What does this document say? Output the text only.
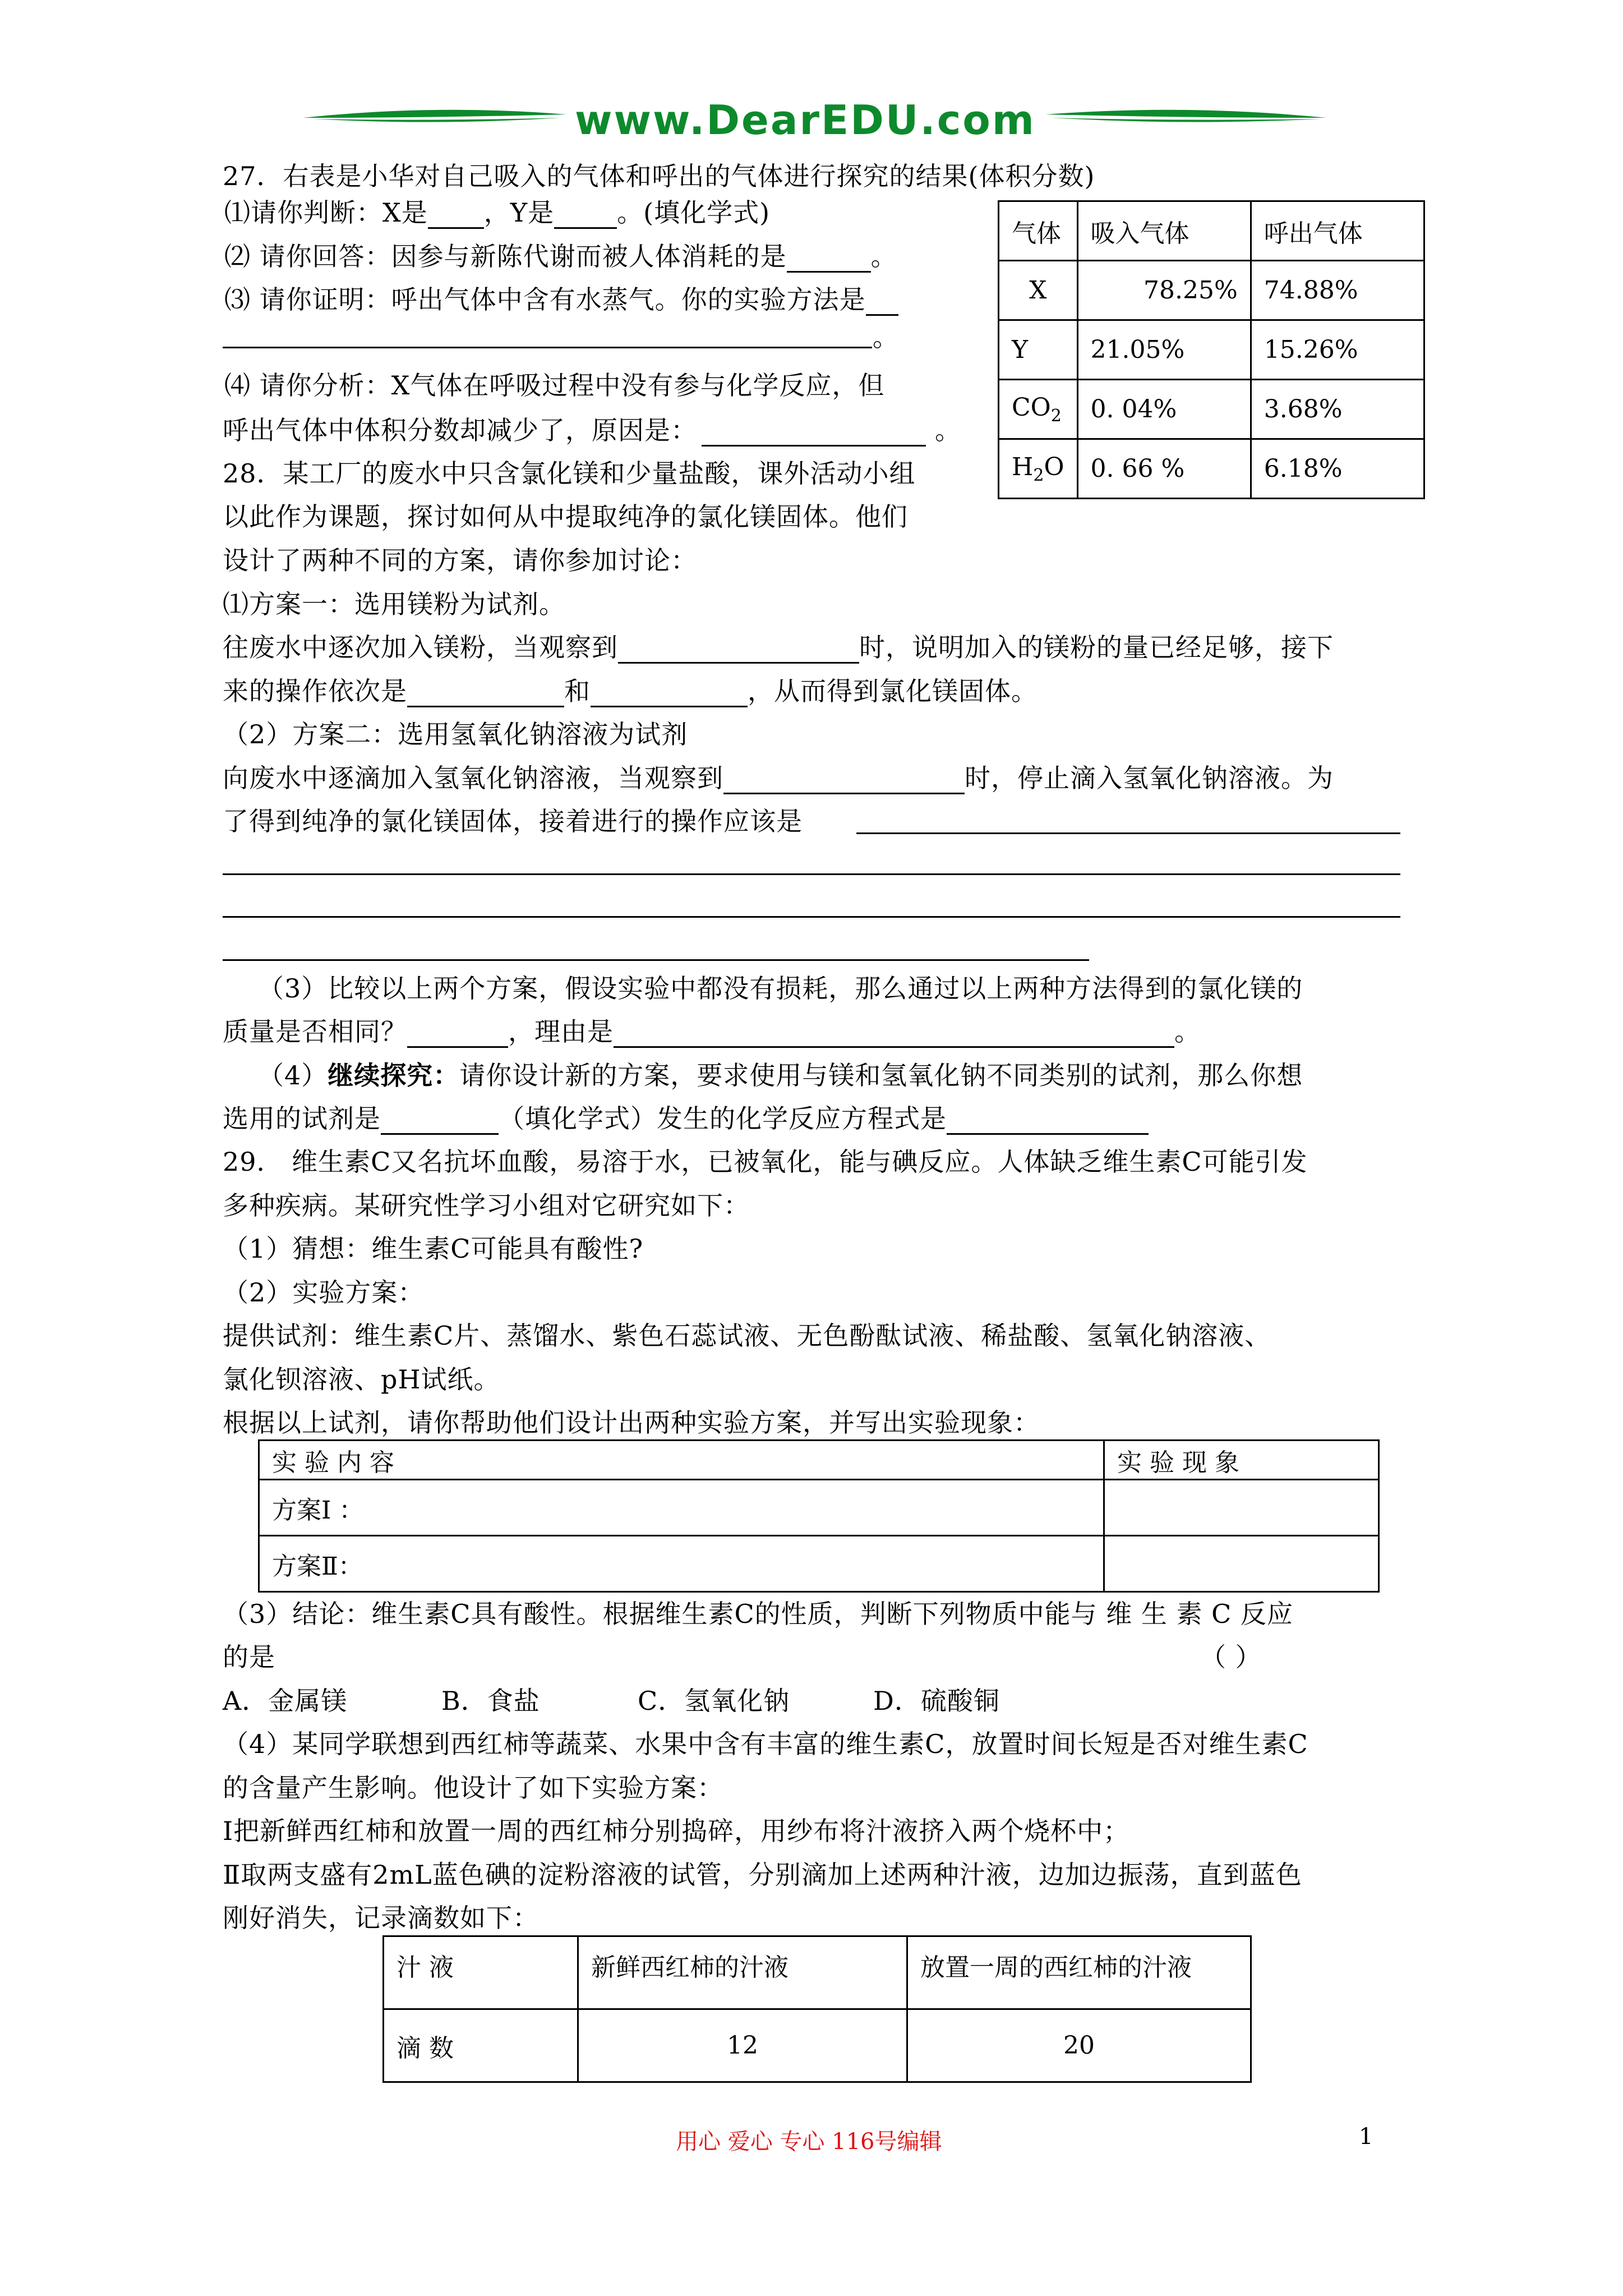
www.DearEDU.com
27．右表是小华对自己吸入的气体和呼出的气体进行探究的结果(体积分数)
⑴请你判断：X是 ，Y是 。(填化学式)
⑵ 请你回答：因参与新陈代谢而被人体消耗的是	。
⑶ 请你证明：呼出气体中含有水蒸气。你的实验方法是
。
⑷ 请你分析：X气体在呼吸过程中没有参与化学反应，但
呼出气体中体积分数却减少了，原因是：	。
气体	吸入气体	呼出气体
X	78.25%	74.88%
Y	21.05%	15.26%
$CO_2$	0. 04%	3.68%
$H_2O$	0. 66 %	6.18%
28．某工厂的废水中只含氯化镁和少量盐酸，课外活动小组
以此作为课题，探讨如何从中提取纯净的氯化镁固体。他们
设计了两种不同的方案，请你参加讨论：
⑴方案一：选用镁粉为试剂。
往废水中逐次加入镁粉，当观察到	时，说明加入的镁粉的量已经足够，接下
来的操作依次是	和	，从而得到氯化镁固体。
（2）方案二：选用氢氧化钠溶液为试剂
向废水中逐滴加入氢氧化钠溶液，当观察到	时，停止滴入氢氧化钠溶液。为
了得到纯净的氯化镁固体，接着进行的操作应该是
（3）比较以上两个方案，假设实验中都没有损耗，那么通过以上两种方法得到的氯化镁的
质量是否相同？	，理由是	。
（4）继续探究：请你设计新的方案，要求使用与镁和氢氧化钠不同类别的试剂，那么你想
选用的试剂是	（填化学式）发生的化学反应方程式是
29． 维生素C又名抗坏血酸，易溶于水，已被氧化，能与碘反应。人体缺乏维生素C可能引发
多种疾病。某研究性学习小组对它研究如下：
（1）猜想：维生素C可能具有酸性?
（2）实验方案：
提供试剂：维生素C片、蒸馏水、紫色石蕊试液、无色酚酞试液、稀盐酸、氢氧化钠溶液、
氯化钡溶液、pH试纸。
根据以上试剂，请你帮助他们设计出两种实验方案，并写出实验现象：
实 验 内 容	实 验 现 象
方案Ⅰ ：	
方案Ⅱ：	
（3）结论：维生素C具有酸性。根据维生素C的性质，判断下列物质中能与 维 生 素 C 反应
的是	（ ）
A．金属镁	B．食盐	C．氢氧化钠	D．硫酸铜
（4）某同学联想到西红柿等蔬菜、水果中含有丰富的维生素C，放置时间长短是否对维生素C
的含量产生影响。他设计了如下实验方案：
Ⅰ把新鲜西红柿和放置一周的西红柿分别捣碎，用纱布将汁液挤入两个烧杯中；
Ⅱ取两支盛有2mL蓝色碘的淀粉溶液的试管，分别滴加上述两种汁液，边加边振荡，直到蓝色
刚好消失，记录滴数如下：
汁 液	新鲜西红柿的汁液	放置一周的西红柿的汁液
滴 数	12	20
用心 爱心 专心 116号编辑	1
